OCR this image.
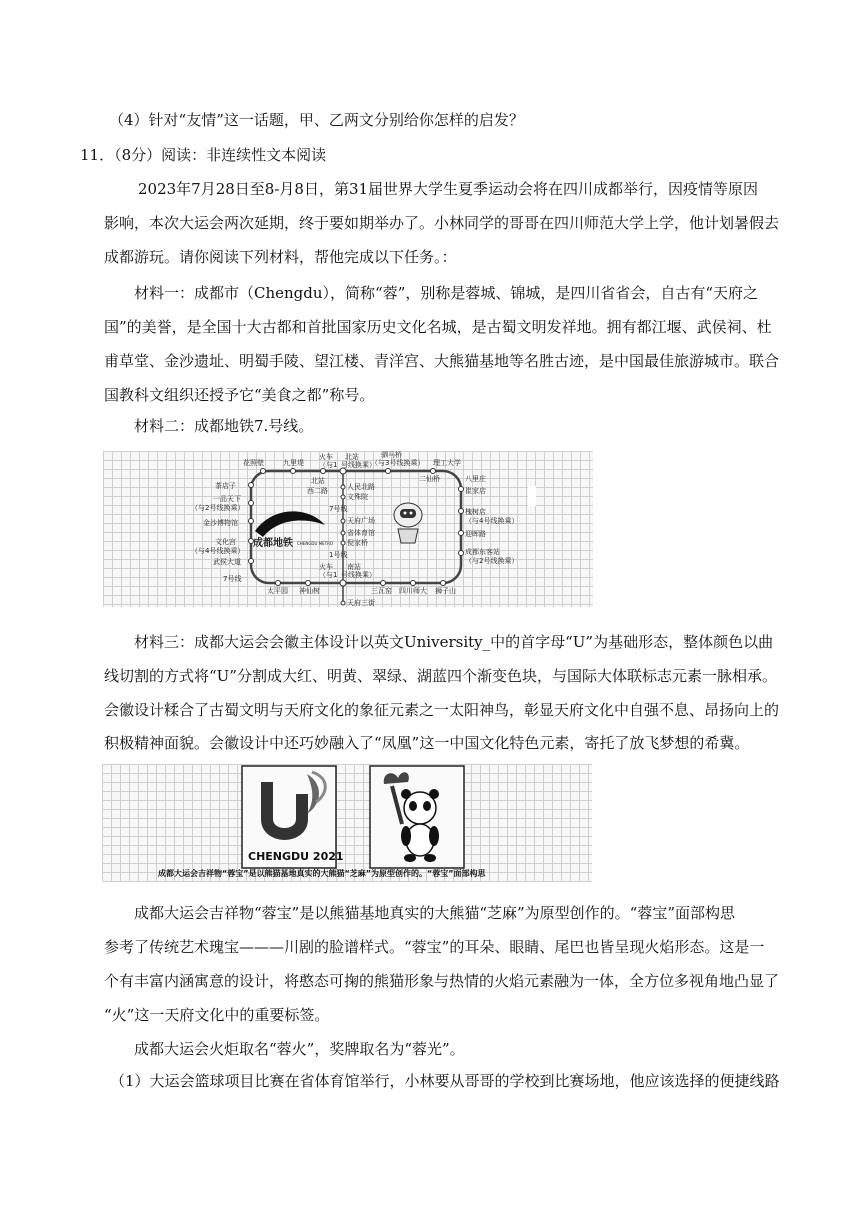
（4）针对“友情”这一话题，甲、乙两文分别给你怎样的启发？
11．（8分）阅读：非连续性文本阅读
2023年7月28日至8-月8日，第31届世界大学生夏季运动会将在四川成都举行，因疫情等原因
影响，本次大运会两次延期，终于要如期举办了。小林同学的哥哥在四川师范大学上学，他计划暑假去
成都游玩。请你阅读下列材料，帮他完成以下任务。：
材料一：成都市（Chengdu），简称“蓉”，别称是蓉城、锦城，是四川省省会，自古有“天府之
国”的美誉，是全国十大古都和首批国家历史文化名城，是古蜀文明发祥地。拥有都江堰、武侯祠、杜
甫草堂、金沙遗址、明蜀手陵、望江楼、青洋宫、大熊猫基地等名胜古迹，是中国最佳旅游城市。联合
国教科文组织还授予它“美食之都”称号。
材料二：成都地铁7.号线。
花照壁	九里堤
火车 北站
（与1 号线换乘）
驷马桥
（与3号线换乘） 理工大学
茶店子
一品天下
（与2号线换乘）
金沙博物馆
文化宫
（与4号线换乘）
武侯大道
7号线
北站
西二路	人民北路
文殊院
7号线
天府广场
省体育馆
倪家桥
1号线
火车 南站
（与1 号线换乘）
二仙桥	八里庄
崔家店
槐树店
（与4号线换乘）
迎晖路
成都东客站
（与2号线换乘）
太平园 神仙树	三瓦窑 四川师大 狮子山
天府三街
成都地铁 CHENGDU METRO
材料三：成都大运会会徽主体设计以英文University_中的首字母“U”为基础形态，整体颜色以曲
线切割的方式将“U”分割成大红、明黄、翠绿、湖蓝四个渐变色块，与国际大体联标志元素一脉相承。
会徽设计糅合了古蜀文明与天府文化的象征元素之一太阳神鸟，彰显天府文化中自强不息、昂扬向上的
积极精神面貌。会徽设计中还巧妙融入了“凤凰”这一中国文化特色元素，寄托了放飞梦想的希冀。
CHENGDU 2021
成都大运会吉祥物“蓉宝”是以熊猫基地真实的大熊猫“芝麻”为原型创作的。“蓉宝”面部构思
成都大运会吉祥物“蓉宝”是以熊猫基地真实的大熊猫“芝麻”为原型创作的。“蓉宝”面部构思
参考了传统艺术瑰宝———川剧的脸谱样式。“蓉宝”的耳朵、眼睛、尾巴也皆呈现火焰形态。这是一
个有丰富内涵寓意的设计，将憨态可掬的熊猫形象与热情的火焰元素融为一体，全方位多视角地凸显了
“火”这一天府文化中的重要标签。
成都大运会火炬取名“蓉火”，奖牌取名为“蓉光”。
（1）大运会篮球项目比赛在省体育馆举行，小林要从哥哥的学校到比赛场地，他应该选择的便捷线路
